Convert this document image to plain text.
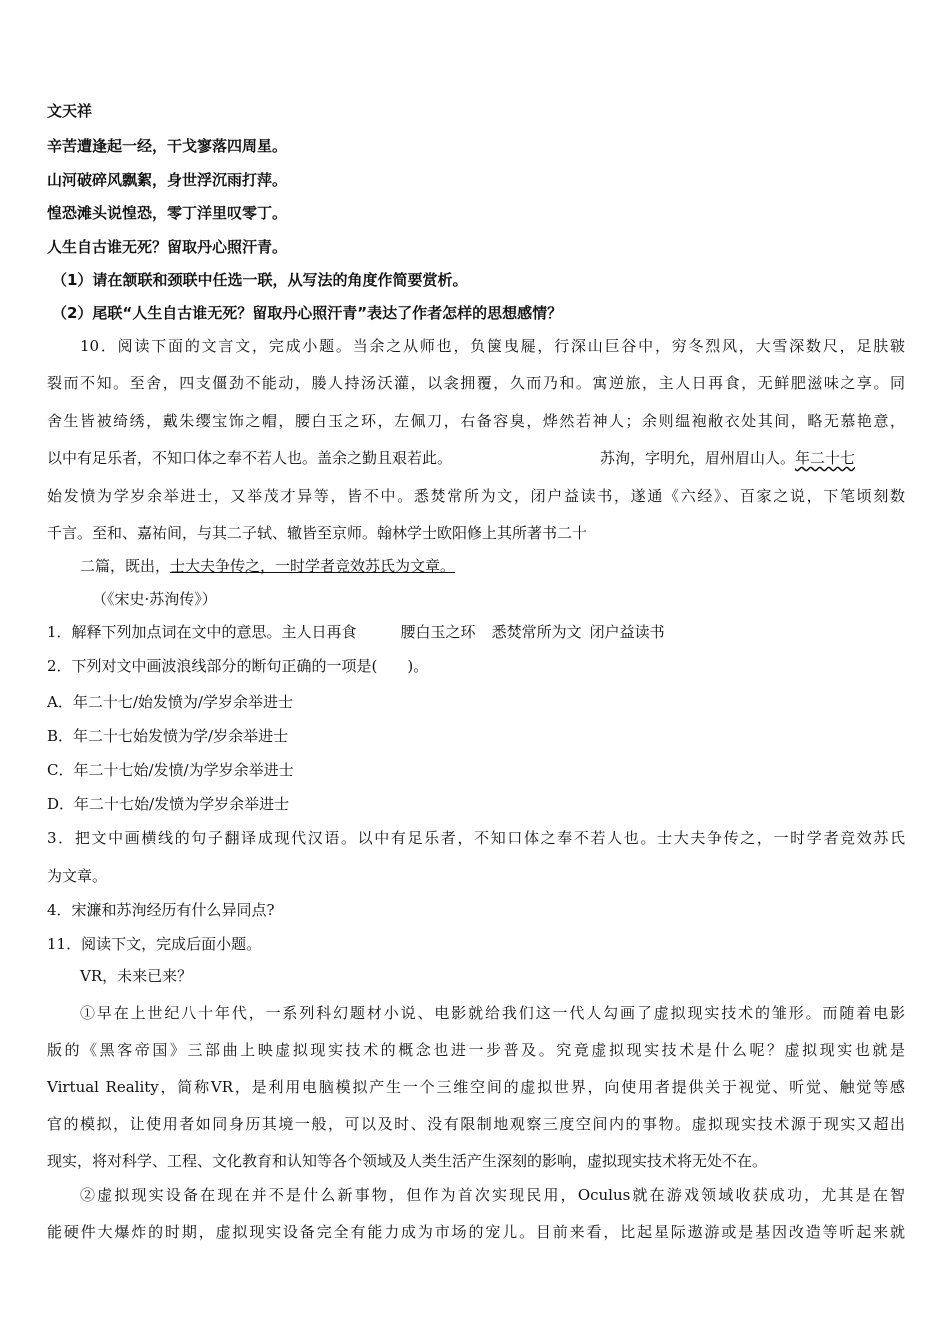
文天祥

辛苦遭逢起一经，干戈寥落四周星。

山河破碎风飘絮，身世浮沉雨打萍。

惶恐滩头说惶恐，零丁洋里叹零丁。

人生自古谁无死？留取丹心照汗青。

（1）请在颔联和颈联中任选一联，从写法的角度作简要赏析。

（2）尾联“人生自古谁无死？留取丹心照汗青”表达了作者怎样的思想感情？

10．阅读下面的文言文，完成小题。当余之从师也，负箧曳屣，行深山巨谷中，穷冬烈风，大雪深数尺，足肤皲

裂而不知。至舍，四支僵劲不能动，媵人持汤沃灌，以衾拥覆，久而乃和。寓逆旅，主人日再食，无鲜肥滋味之享。同

舍生皆被绮绣，戴朱缨宝饰之帽，腰白玉之环，左佩刀，右备容臭，烨然若神人；余则缊袍敝衣处其间，略无慕艳意，

以中有足乐者，不知口体之奉不若人也。盖余之勤且艰若此。	苏洵，字明允，眉州眉山人。年二十七

始发愤为学岁余举进士，又举茂才异等，皆不中。悉焚常所为文，闭户益读书，遂通《六经》、百家之说，下笔顷刻数

千言。至和、嘉祐间，与其二子轼、辙皆至京师。翰林学士欧阳修上其所著书二十

二篇，既出，士大夫争传之，一时学者竞效苏氏为文章。

（《宋史·苏洵传》）

1．解释下列加点词在文中的意思。主人日再食	腰白玉之环 悉焚常所为文 闭户益读书

2．下列对文中画波浪线部分的断句正确的一项是(　　)。

A．年二十七/始发愤为/学岁余举进士

B．年二十七始发愤为学/岁余举进士

C．年二十七始/发愤/为学岁余举进士

D．年二十七始/发愤为学岁余举进士

3．把文中画横线的句子翻译成现代汉语。以中有足乐者，不知口体之奉不若人也。士大夫争传之，一时学者竞效苏氏

为文章。

4．宋濂和苏洵经历有什么异同点?

11．阅读下文，完成后面小题。

VR，未来已来？

①早在上世纪八十年代，一系列科幻题材小说、电影就给我们这一代人勾画了虚拟现实技术的雏形。而随着电影

版的《黑客帝国》三部曲上映虚拟现实技术的概念也进一步普及。究竟虚拟现实技术是什么呢？虚拟现实也就是

Virtual Reality，简称VR，是利用电脑模拟产生一个三维空间的虚拟世界，向使用者提供关于视觉、听觉、触觉等感

官的模拟，让使用者如同身历其境一般，可以及时、没有限制地观察三度空间内的事物。虚拟现实技术源于现实又超出

现实，将对科学、工程、文化教育和认知等各个领域及人类生活产生深刻的影响，虚拟现实技术将无处不在。

②虚拟现实设备在现在并不是什么新事物，但作为首次实现民用，Oculus就在游戏领域收获成功，尤其是在智

能硬件大爆炸的时期，虚拟现实设备完全有能力成为市场的宠儿。目前来看，比起星际遨游或是基因改造等听起来就
